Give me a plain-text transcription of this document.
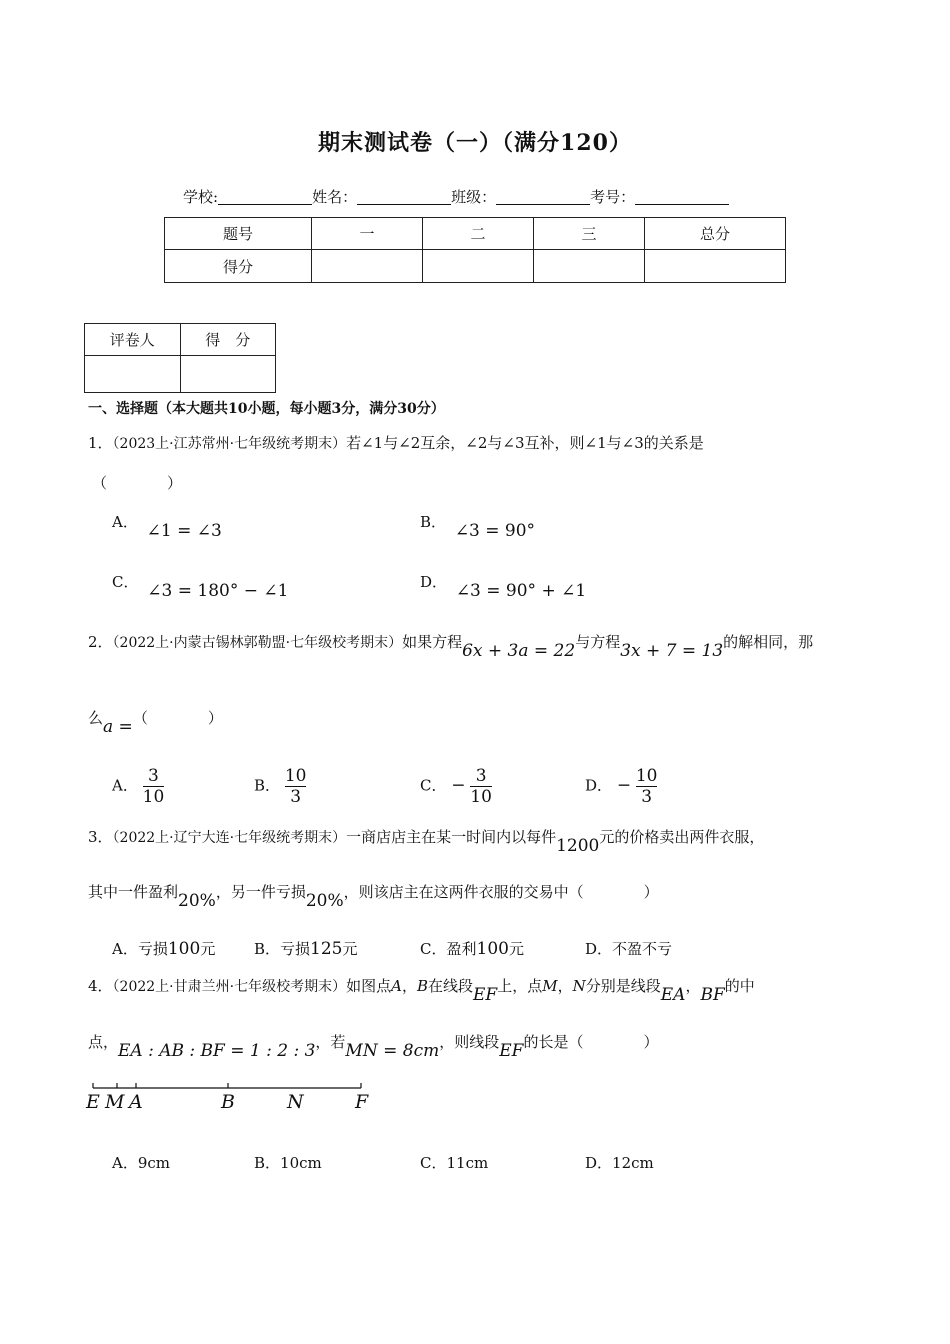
期末测试卷（一）（满分120）
学校:	姓名：	班级：	考号：
题号	一	二	三	总分
得分				
评卷人	得　分

一、选择题（本大题共10小题，每小题3分，满分30分）
1．（2023上·江苏常州·七年级统考期末）若∠1与∠2互余，∠2与∠3互补，则∠1与∠3的关系是
（　　　　）
A． ∠1 = ∠3	B． ∠3 = 90°
C． ∠3 = 180° − ∠1	D． ∠3 = 90° + ∠1
2．（2022上·内蒙古锡林郭勒盟·七年级校考期末）如果方程6x + 3a = 22与方程3x + 7 = 13的解相同，那
么a =（　　　　）
A． $\frac{3}{10}$	B． $\frac{10}{3}$	C． − $\frac{3}{10}$	D． − $\frac{10}{3}$
3．（2022上·辽宁大连·七年级统考期末）一商店店主在某一时间内以每件1200元的价格卖出两件衣服，
其中一件盈利20%，另一件亏损20%，则该店主在这两件衣服的交易中（　　　　）
A．亏损100元	B．亏损125元	C．盈利100元	D．不盈不亏
4．（2022上·甘肃兰州·七年级校考期末）如图点A，B在线段EF上，点M，N分别是线段EA，BF的中
点，EA : AB : BF = 1 : 2 : 3，若MN = 8cm，则线段EF的长是（　　　　）
E M A	B	N	F
A．9cm	B．10cm	C．11cm	D．12cm
